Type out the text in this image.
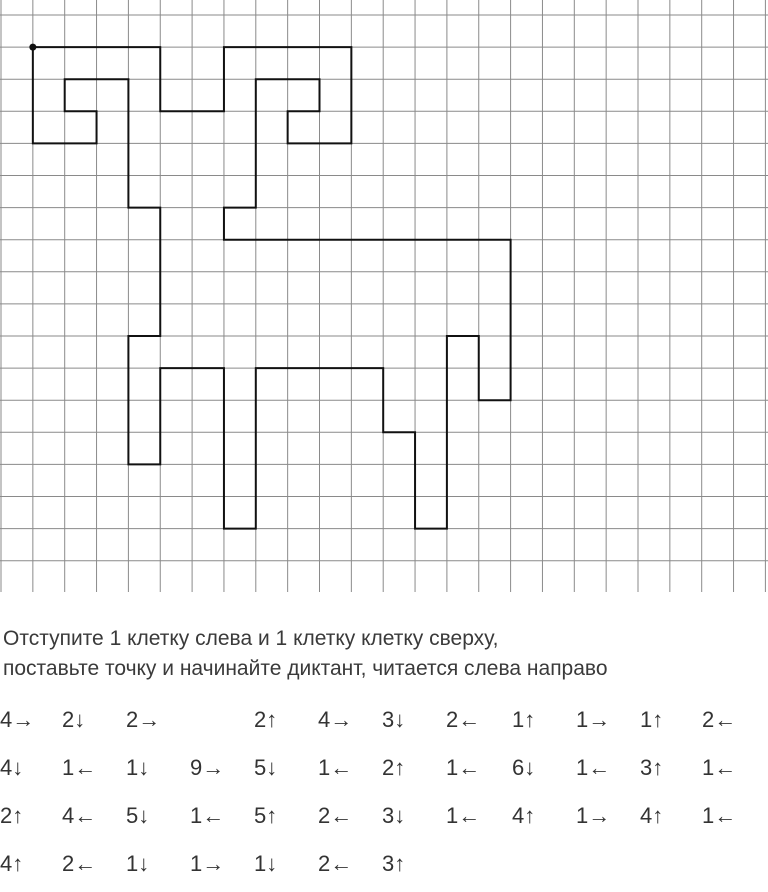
Отступите 1 клетку слева и 1 клетку клетку сверху,
поставьте точку и начинайте диктант, читается слева направо
4→ 2↓ 2→	2↑ 4→ 3↓ 2← 1↑ 1→ 1↑ 2←
4↓ 1← 1↓ 9→ 5↓ 1← 2↑ 1← 6↓ 1← 3↑ 1←
2↑ 4← 5↓ 1← 5↑ 2← 3↓ 1← 4↑ 1→ 4↑ 1←
4↑ 2← 1↓ 1→ 1↓ 2← 3↑
